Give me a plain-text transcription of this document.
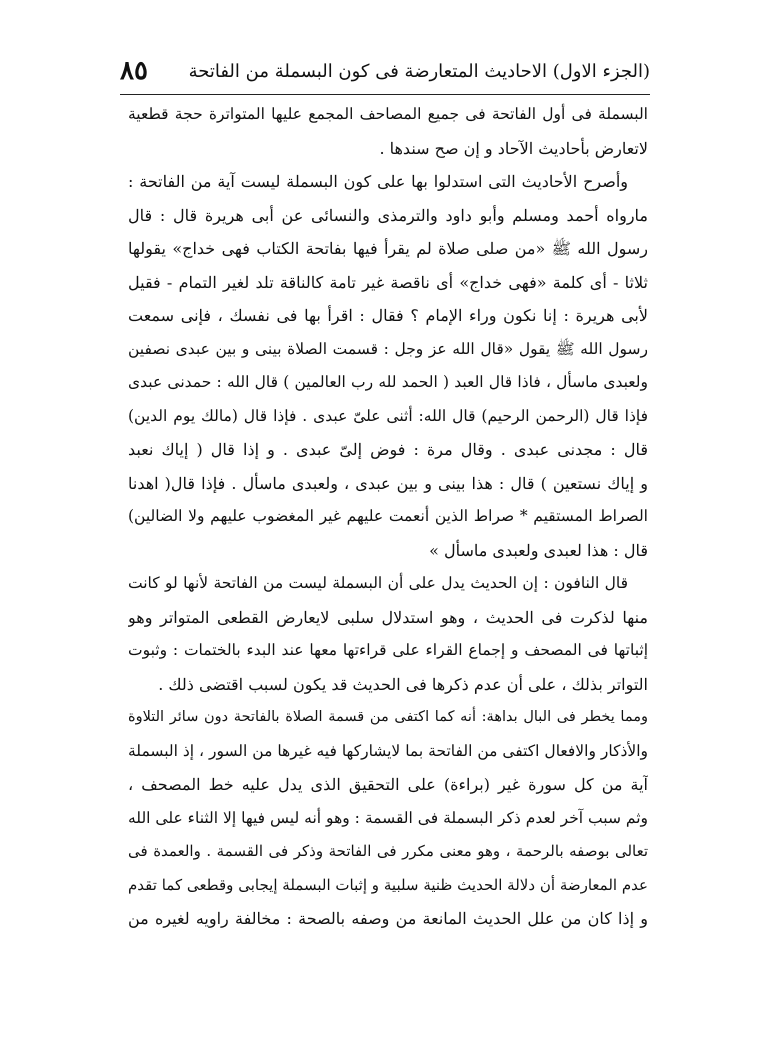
(الجزء الاول) الاحاديث المتعارضة فى كون البسملة من الفاتحة
٨٥
البسملة فى أول الفاتحة فى جميع المصاحف المجمع عليها المتواترة حجة قطعية
لاتعارض بأحاديث الآحاد و إن صح سندها .
وأصرح الأحاديث التى استدلوا بها على كون البسملة ليست آية من الفاتحة :
مارواه أحمد ومسلم وأبو داود والترمذى والنسائى عن أبى هريرة قال : قال
رسول الله ﷺ «من صلى صلاة لم يقرأ فيها بفاتحة الكتاب فهى خداج» يقولها
ثلاثا - أى كلمة «فهى خداج» أى ناقصة غير تامة كالناقة تلد لغير التمام - فقيل
لأبى هريرة : إنا نكون وراء الإمام ؟ فقال : اقرأ بها فى نفسك ، فإنى سمعت
رسول الله ﷺ يقول «قال الله عز وجل : قسمت الصلاة بينى و بين عبدى نصفين
ولعبدى ماسأل ، فاذا قال العبد ( الحمد لله رب العالمين ) قال الله : حمدنى عبدى
فإذا قال (الرحمن الرحيم) قال الله: أثنى علىّ عبدى . فإذا قال (مالك يوم الدين)
قال : مجدنى عبدى . وقال مرة : فوض إلىّ عبدى . و إذا قال ( إياك نعبد
و إياك نستعين ) قال : هذا بينى و بين عبدى ، ولعبدى ماسأل . فإذا قال( اهدنا
الصراط المستقيم * صراط الذين أنعمت عليهم غير المغضوب عليهم ولا الضالين)
قال : هذا لعبدى ولعبدى ماسأل »
قال النافون : إن الحديث يدل على أن البسملة ليست من الفاتحة لأنها لو كانت
منها لذكرت فى الحديث ، وهو استدلال سلبى لايعارض القطعى المتواتر وهو
إثباتها فى المصحف و إجماع القراء على قراءتها معها عند البدء بالختمات : وثبوت
التواتر بذلك ، على أن عدم ذكرها فى الحديث قد يكون لسبب اقتضى ذلك .
ومما يخطر فى البال بداهة: أنه كما اكتفى من قسمة الصلاة بالفاتحة دون سائر التلاوة
والأذكار والافعال اكتفى من الفاتحة بما لايشاركها فيه غيرها من السور ، إذ البسملة
آية من كل سورة غير (براءة) على التحقيق الذى يدل عليه خط المصحف ،
وثم سبب آخر لعدم ذكر البسملة فى القسمة : وهو أنه ليس فيها إلا الثناء على الله
تعالى بوصفه بالرحمة ، وهو معنى مكرر فى الفاتحة وذكر فى القسمة . والعمدة فى
عدم المعارضة أن دلالة الحديث ظنية سلبية و إثبات البسملة إيجابى وقطعى كما تقدم
و إذا كان من علل الحديث المانعة من وصفه بالصحة : مخالفة راويه لغيره من
